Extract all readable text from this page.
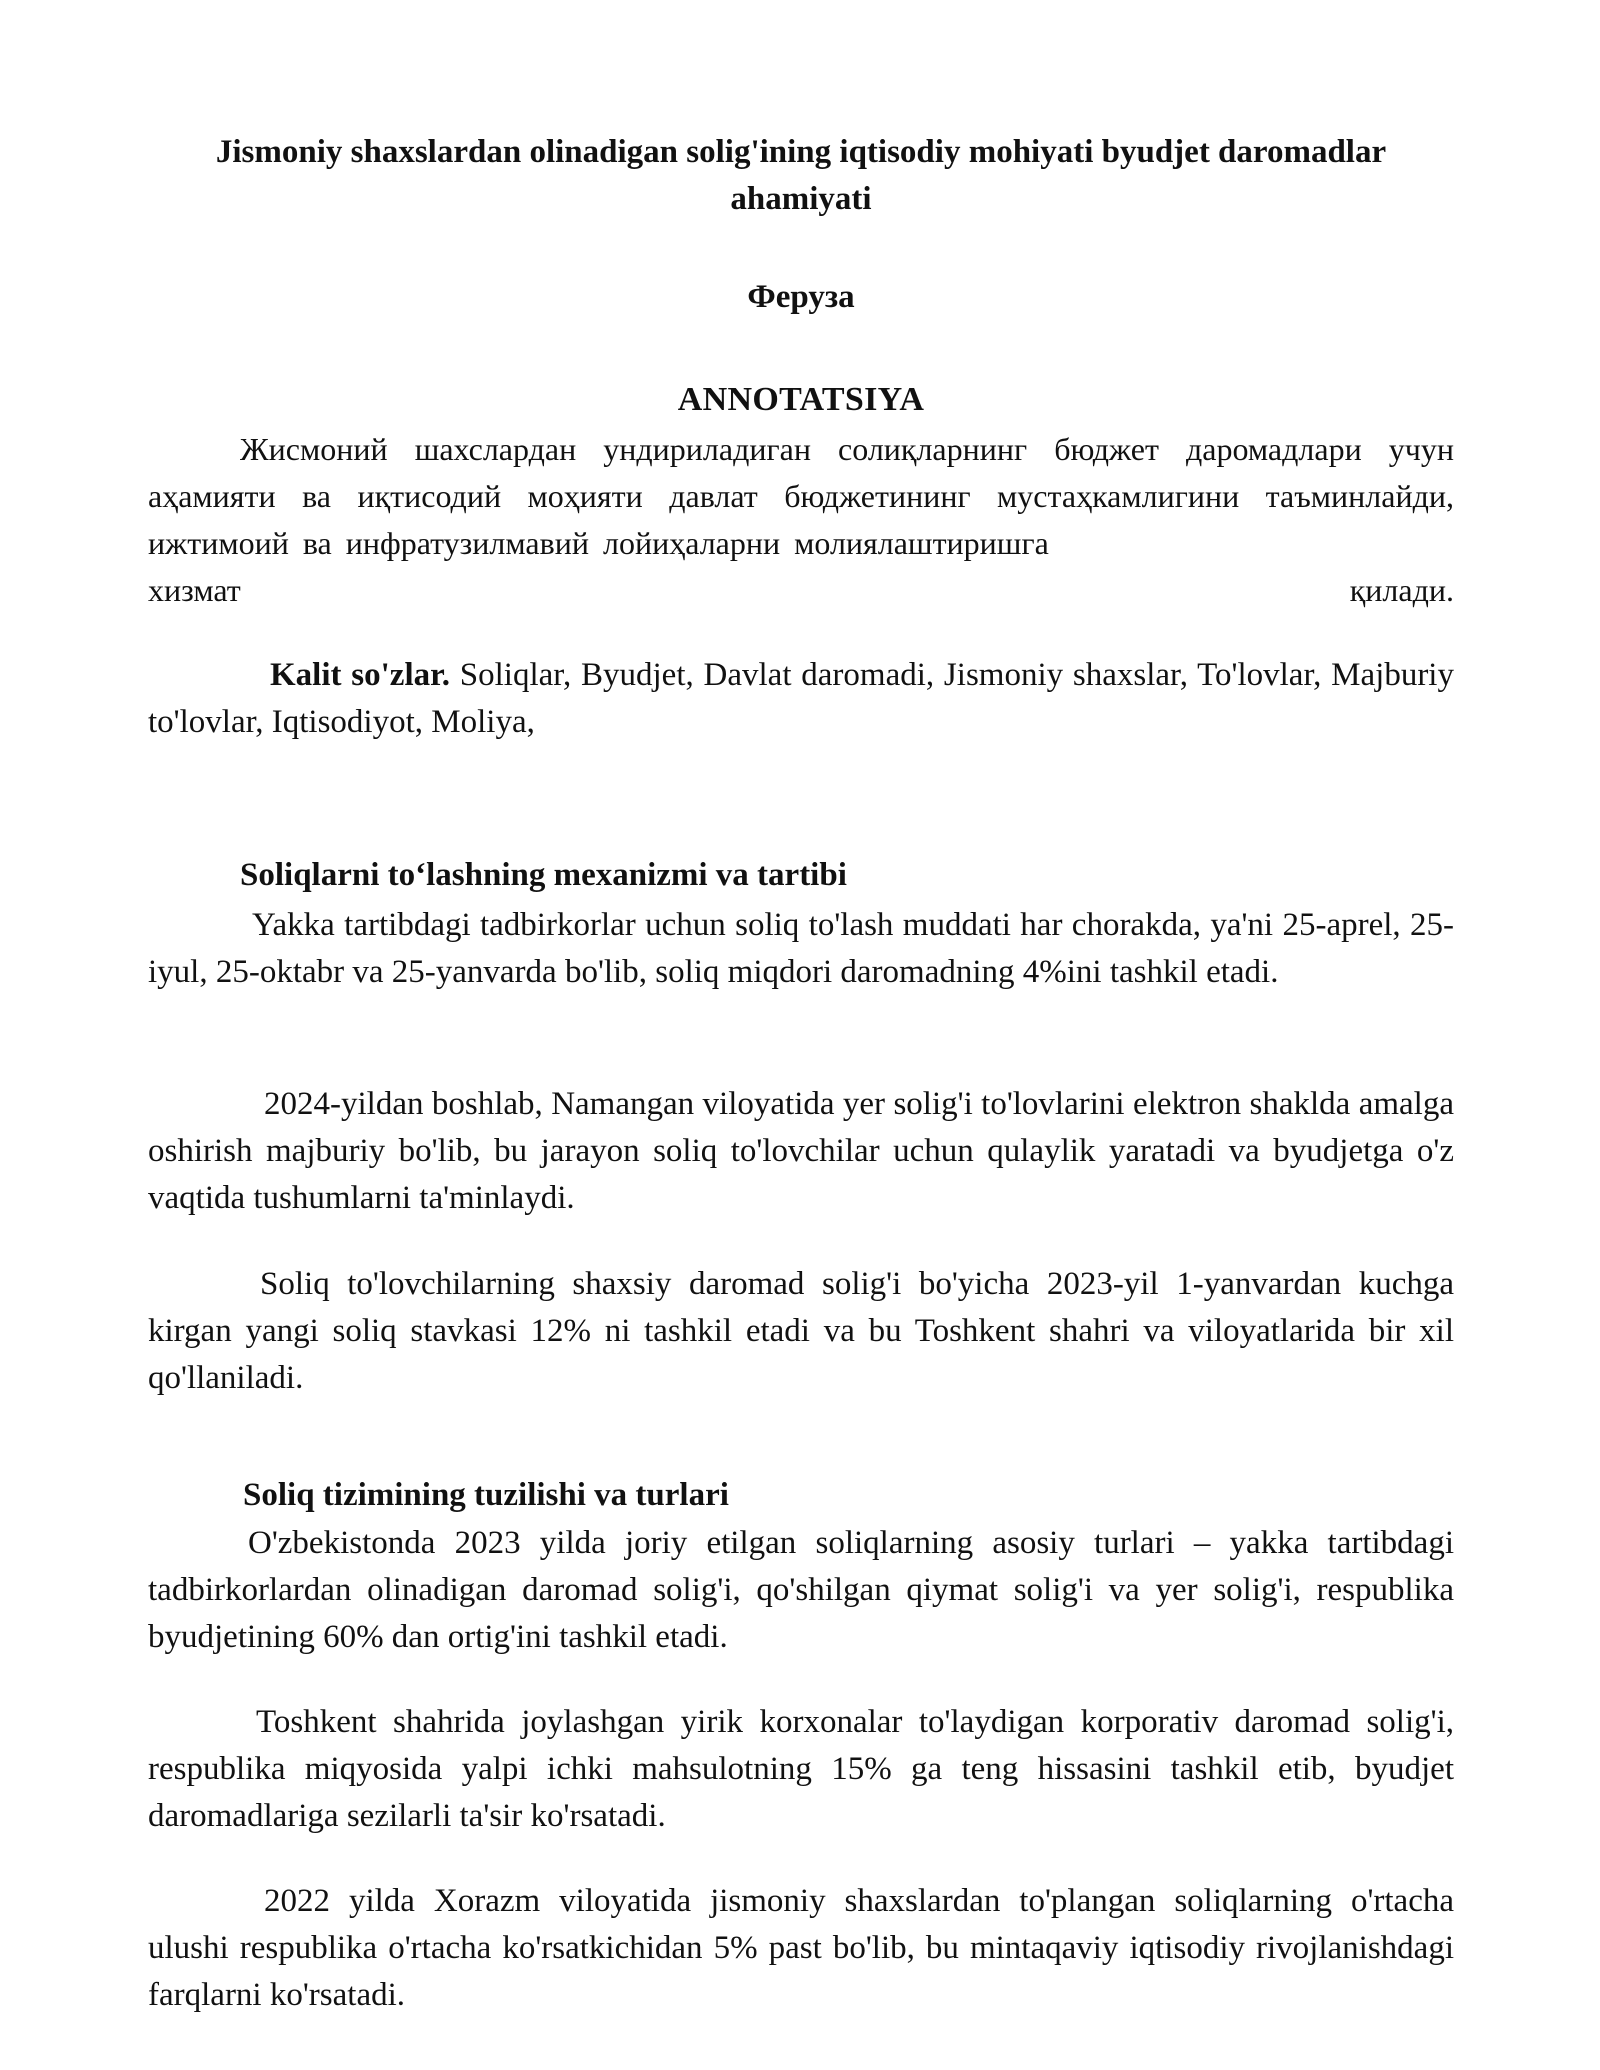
Jismoniy shaxslardan olinadigan solig'ining iqtisodiy mohiyati byudjet daromadlar ahamiyati
Феруза
ANNOTATSIYA
Жисмоний шахслардан ундириладиган солиқларнинг бюджет даромадлари учун аҳамияти ва иқтисодий моҳияти давлат бюджетининг мустаҳкамлигини таъминлайди, ижтимоий ва инфратузилмавий лойиҳаларни молиялаштиришга
хизмат	қилади.
Kalit so'zlar. Soliqlar, Byudjet, Davlat daromadi, Jismoniy shaxslar, To'lovlar, Majburiy to'lovlar, Iqtisodiyot, Moliya,
Soliqlarni to‘lashning mexanizmi va tartibi
Yakka tartibdagi tadbirkorlar uchun soliq to'lash muddati har chorakda, ya'ni 25-aprel, 25-iyul, 25-oktabr va 25-yanvarda bo'lib, soliq miqdori daromadning 4%ini tashkil etadi.
2024-yildan boshlab, Namangan viloyatida yer solig'i to'lovlarini elektron shaklda amalga oshirish majburiy bo'lib, bu jarayon soliq to'lovchilar uchun qulaylik yaratadi va byudjetga o'z vaqtida tushumlarni ta'minlaydi.
Soliq to'lovchilarning shaxsiy daromad solig'i bo'yicha 2023-yil 1-yanvardan kuchga kirgan yangi soliq stavkasi 12% ni tashkil etadi va bu Toshkent shahri va viloyatlarida bir xil qo'llaniladi.
Soliq tizimining tuzilishi va turlari
O'zbekistonda 2023 yilda joriy etilgan soliqlarning asosiy turlari – yakka tartibdagi tadbirkorlardan olinadigan daromad solig'i, qo'shilgan qiymat solig'i va yer solig'i, respublika byudjetining 60% dan ortig'ini tashkil etadi.
Toshkent shahrida joylashgan yirik korxonalar to'laydigan korporativ daromad solig'i, respublika miqyosida yalpi ichki mahsulotning 15% ga teng hissasini tashkil etib, byudjet daromadlariga sezilarli ta'sir ko'rsatadi.
2022 yilda Xorazm viloyatida jismoniy shaxslardan to'plangan soliqlarning o'rtacha ulushi respublika o'rtacha ko'rsatkichidan 5% past bo'lib, bu mintaqaviy iqtisodiy rivojlanishdagi farqlarni ko'rsatadi.
